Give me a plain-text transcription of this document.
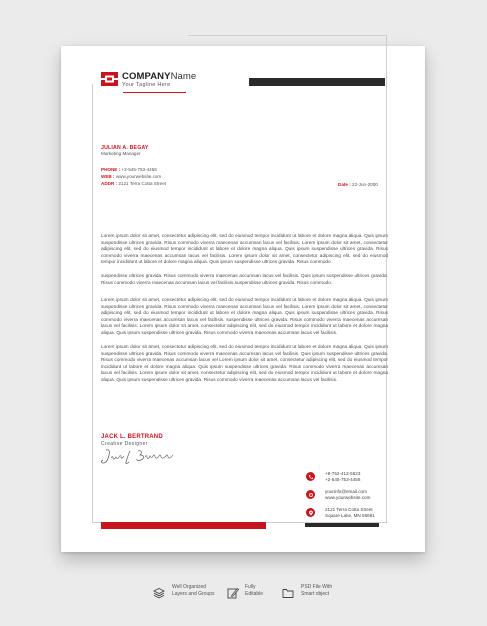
COMPANYName
Your Tagline Here
JULIAN A. BEGAY
Marketing Manager
PHONE : +2-545-753-4456
WEB : www.yourwebsite.com
ADDR : 2121 Terra Cotta Street	Date : 22-Jun-2000

Lorem ipsum dolor sit amet, consectetur adipiscing elit, sed do eiusmod tempor incididunt ut labore et dolore magna aliqua. Quis ipsum suspendisse ultrices gravida. Risus commodo viverra maecenas accumsan lacus vel facilisis. Lorem ipsum dolor sit amet, consectetur adipiscing elit, sed do eiusmod tempor incididunt ut labore et dolore magna aliqua. Quis ipsum suspendisse ultrices gravida. Risus commodo viverra maecenas accumsan lacus vel facilisis. Lorem ipsum dolor sit amet, consectetur adipiscing elit, sed do eiusmod tempor incididunt ut labore et dolore magna aliqua. Quis ipsum suspendisse ultrices gravida. Risus commodo

suspendisse ultrices gravida. Risus commodo viverra maecenas accumsan lacus vel facilisis. Quis ipsum suspendisse ultrices gravida. Risus commodo viverra maecenas accumsan lacus vel facilisis.suspendisse ultrices gravida. Risus commodo.

Lorem ipsum dolor sit amet, consectetur adipiscing elit, sed do eiusmod tempor incididunt ut labore et dolore magna aliqua. Quis ipsum suspendisse ultrices gravida. Risus commodo viverra maecenas accumsan lacus vel facilisis. Lorem ipsum dolor sit amet, consectetur adipiscing elit, sed do eiusmod tempor incididunt ut labore et dolore magna aliqua. Quis ipsum suspendisse ultrices gravida. Risus commodo viverra maecenas accumsan lacus vel facilisis. suspendisse ultrices gravida. Risus commodo viverra maecenas accumsan lacus vel facilisis. Lorem ipsum dolor sit amet, consectetur adipiscing elit, sed do eiusmod tempor incididunt ut labore et dolore magna aliqua. Quis ipsum suspendisse ultrices gravida. Risus commodo viverra maecenas accumsan lacus vel facilisis.

Lorem ipsum dolor sit amet, consectetur adipiscing elit, sed do eiusmod tempor incididunt ut labore et dolore magna aliqua. Quis ipsum suspendisse ultrices gravida. Risus commodo viverra maecenas accumsan lacus vel facilisis. Quis ipsum suspendisse ultrices gravida. Risus commodo viverra maecenas accumsan lacus vel Lorem ipsum dolor sit amet, consectetur adipiscing elit, sed do eiusmod tempor incididunt ut labore et dolore magna aliqua. Quis ipsum suspendisse ultrices gravida. Risus commodo viverra maecenas accumsan lacus vel facilisis. Lorem ipsum dolor sit amet, consectetur adipiscing elit, sed do eiusmod tempor incididunt ut labore et dolore magna aliqua. Quis ipsum suspendisse ultrices gravida. Risus commodo viverra maecenas accumsan lacus vel facilisis.

JACK L. BERTRAND
Creative Designer
+8-752-412-5623
+2-545-753-4456
yourinfo@email.com
www.yourwebsite.com
2121 Terra Cotta Street
Square Lake, MN 56681
Well Organized
Layers and Groups
Fully
Editable
PSD File With
Smart object
